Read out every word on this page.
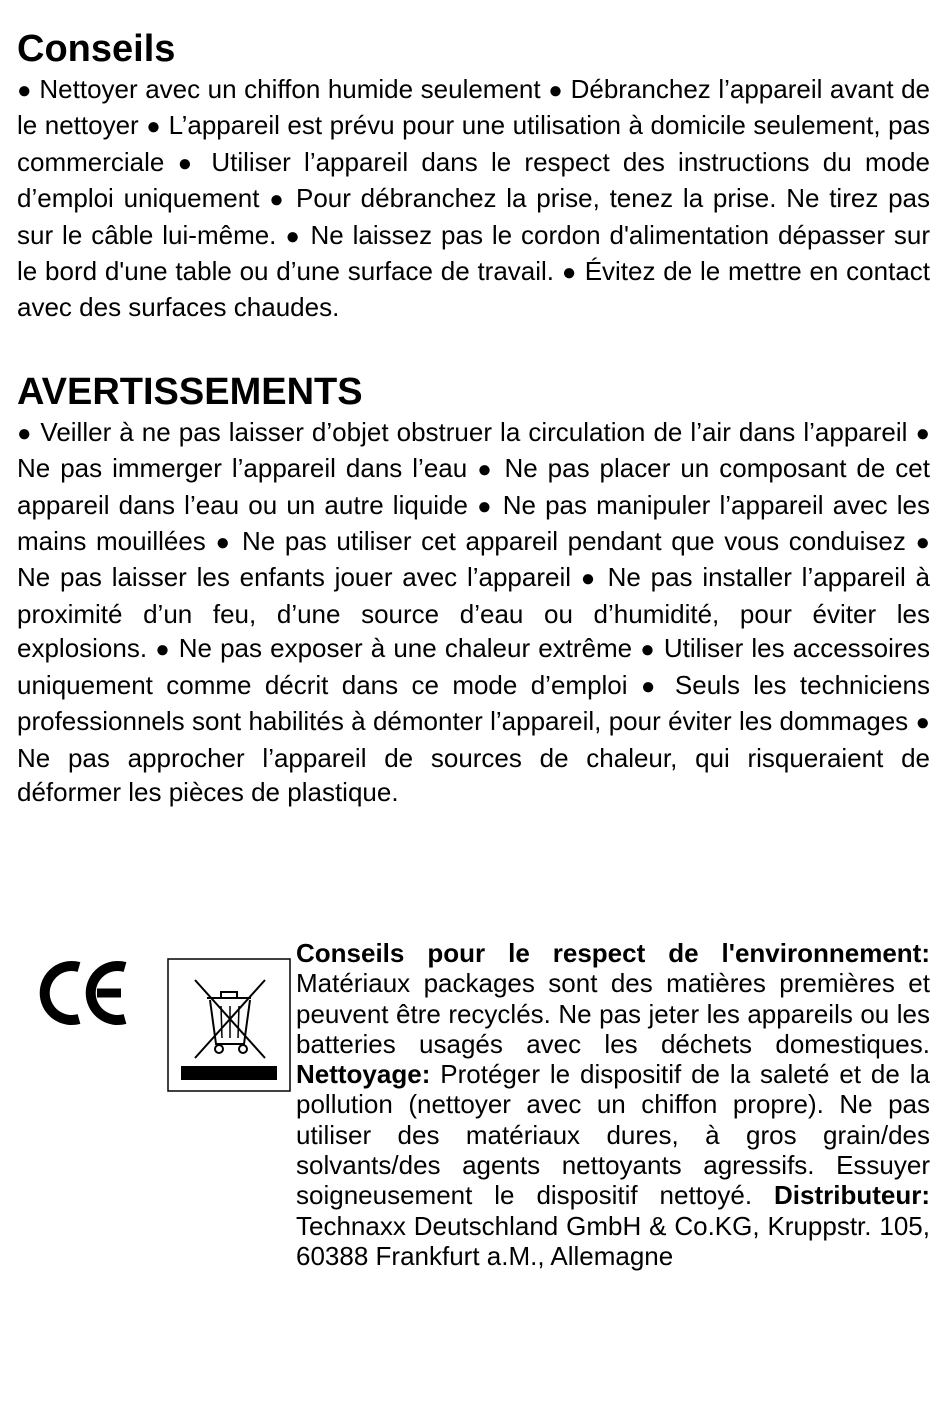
Conseils

● Nettoyer avec un chiffon humide seulement ● Débranchez l’appareil avant de le nettoyer ● L’appareil est prévu pour une utilisation à domicile seulement, pas commerciale ● Utiliser l’appareil dans le respect des instructions du mode d’emploi uniquement ● Pour débranchez la prise, tenez la prise. Ne tirez pas sur le câble lui-même. ● Ne laissez pas le cordon d'alimentation dépasser sur le bord d'une table ou d’une surface de travail. ● Évitez de le mettre en contact avec des surfaces chaudes.

AVERTISSEMENTS

● Veiller à ne pas laisser d’objet obstruer la circulation de l’air dans l’appareil ● Ne pas immerger l’appareil dans l’eau ● Ne pas placer un composant de cet appareil dans l’eau ou un autre liquide ● Ne pas manipuler l’appareil avec les mains mouillées ● Ne pas utiliser cet appareil pendant que vous conduisez ● Ne pas laisser les enfants jouer avec l’appareil ● Ne pas installer l’appareil à proximité d’un feu, d’une source d’eau ou d’humidité, pour éviter les explosions. ● Ne pas exposer à une chaleur extrême ● Utiliser les accessoires uniquement comme décrit dans ce mode d’emploi ● Seuls les techniciens professionnels sont habilités à démonter l’appareil, pour éviter les dommages ● Ne pas approcher l’appareil de sources de chaleur, qui risqueraient de déformer les pièces de plastique.

Conseils pour le respect de l'environnement: Matériaux packages sont des matières premières et peuvent être recyclés. Ne pas jeter les appareils ou les batteries usagés avec les déchets domestiques. Nettoyage: Protéger le dispositif de la saleté et de la pollution (nettoyer avec un chiffon propre). Ne pas utiliser des matériaux dures, à gros grain/des solvants/des agents nettoyants agressifs. Essuyer soigneusement le dispositif nettoyé. Distributeur: Technaxx Deutschland GmbH & Co.KG, Kruppstr. 105, 60388 Frankfurt a.M., Allemagne
